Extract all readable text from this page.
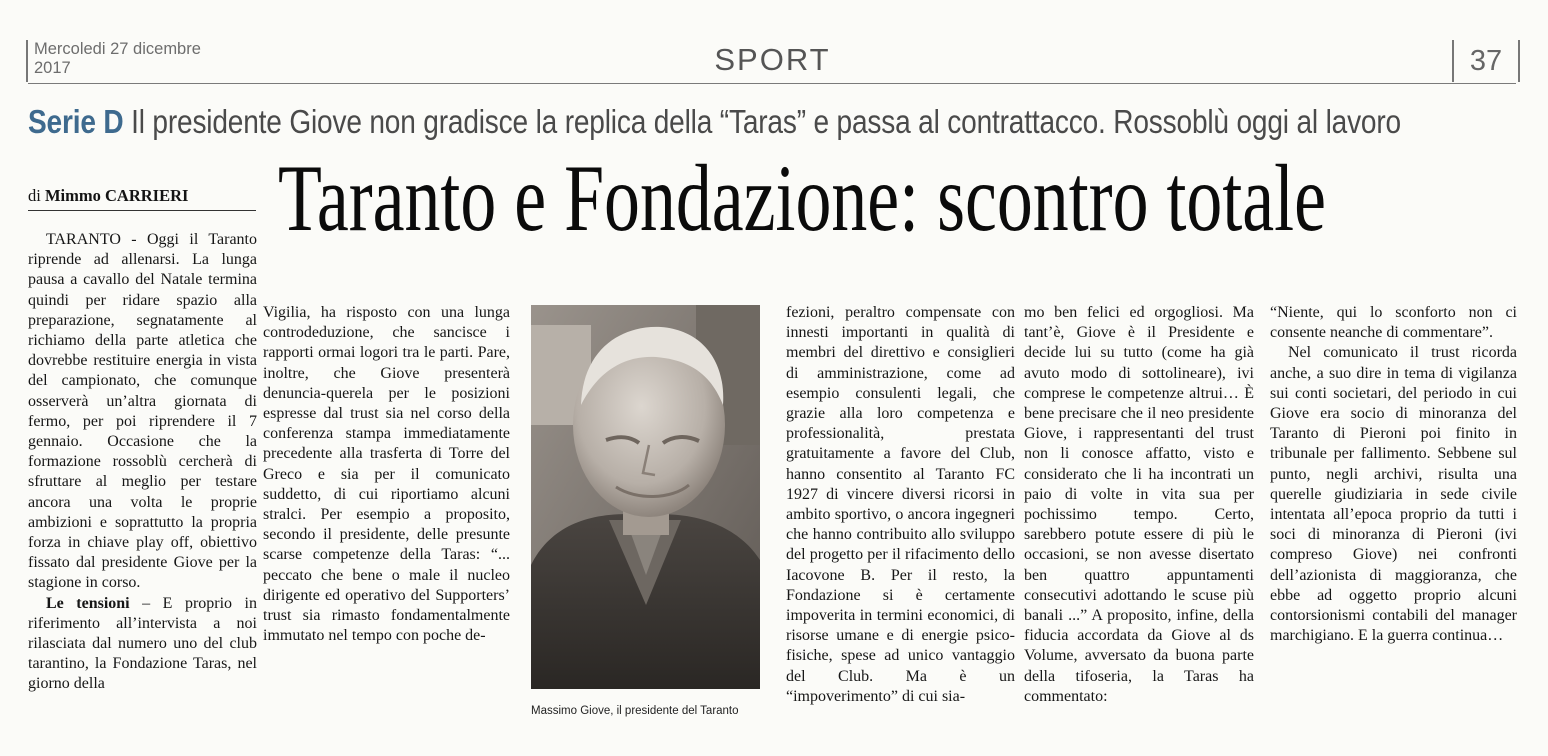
Mercoledi 27 dicembre
2017	SPORT	37
Serie D Il presidente Giove non gradisce la replica della “Taras” e passa al contrattacco. Rossoblù oggi al lavoro
Taranto e Fondazione: scontro totale
di Mimmo CARRIERI

TARANTO - Oggi il Taranto riprende ad allenarsi. La lunga pausa a cavallo del Natale termina quindi per ridare spazio alla preparazione, segnatamente al richiamo della parte atletica che dovrebbe restituire energia in vista del campionato, che comunque osserverà un’altra giornata di fermo, per poi riprendere il 7 gennaio. Occasione che la formazione rossoblù cercherà di sfruttare al meglio per testare ancora una volta le proprie ambizioni e soprattutto la propria forza in chiave play off, obiettivo fissato dal presidente Giove per la stagione in corso.

Le tensioni – E proprio in riferimento all’intervista a noi rilasciata dal numero uno del club tarantino, la Fondazione Taras, nel giorno della

Vigilia, ha risposto con una lunga controdeduzione, che sancisce i rapporti ormai logori tra le parti. Pare, inoltre, che Giove presenterà denuncia-querela per le posizioni espresse dal trust sia nel corso della conferenza stampa immediatamente precedente alla trasferta di Torre del Greco e sia per il comunicato suddetto, di cui riportiamo alcuni stralci. Per esempio a proposito, secondo il presidente, delle presunte scarse competenze della Taras: “... peccato che bene o male il nucleo dirigente ed operativo del Supporters’ trust sia rimasto fondamentalmente immutato nel tempo con poche de-

Massimo Giove, il presidente del Taranto

fezioni, peraltro compensate con innesti importanti in qualità di membri del direttivo e consiglieri di amministrazione, come ad esempio consulenti legali, che grazie alla loro competenza e professionalità, prestata gratuitamente a favore del Club, hanno consentito al Taranto FC 1927 di vincere diversi ricorsi in ambito sportivo, o ancora ingegneri che hanno contribuito allo sviluppo del progetto per il rifacimento dello Iacovone B. Per il resto, la Fondazione si è certamente impoverita in termini economici, di risorse umane e di energie psico-fisiche, spese ad unico vantaggio del Club. Ma è un “impoverimento” di cui sia-

mo ben felici ed orgogliosi. Ma tant’è, Giove è il Presidente e decide lui su tutto (come ha già avuto modo di sottolineare), ivi comprese le competenze altrui… È bene precisare che il neo presidente Giove, i rappresentanti del trust non li conosce affatto, visto e considerato che li ha incontrati un paio di volte in vita sua per pochissimo tempo. Certo, sarebbero potute essere di più le occasioni, se non avesse disertato ben quattro appuntamenti consecutivi adottando le scuse più banali ...” A proposito, infine, della fiducia accordata da Giove al ds Volume, avversato da buona parte della tifoseria, la Taras ha commentato:

“Niente, qui lo sconforto non ci consente neanche di commentare”.

Nel comunicato il trust ricorda anche, a suo dire in tema di vigilanza sui conti societari, del periodo in cui Giove era socio di minoranza del Taranto di Pieroni poi finito in tribunale per fallimento. Sebbene sul punto, negli archivi, risulta una querelle giudiziaria in sede civile intentata all’epoca proprio da tutti i soci di minoranza di Pieroni (ivi compreso Giove) nei confronti dell’azionista di maggioranza, che ebbe ad oggetto proprio alcuni contorsionismi contabili del manager marchigiano. E la guerra continua…
